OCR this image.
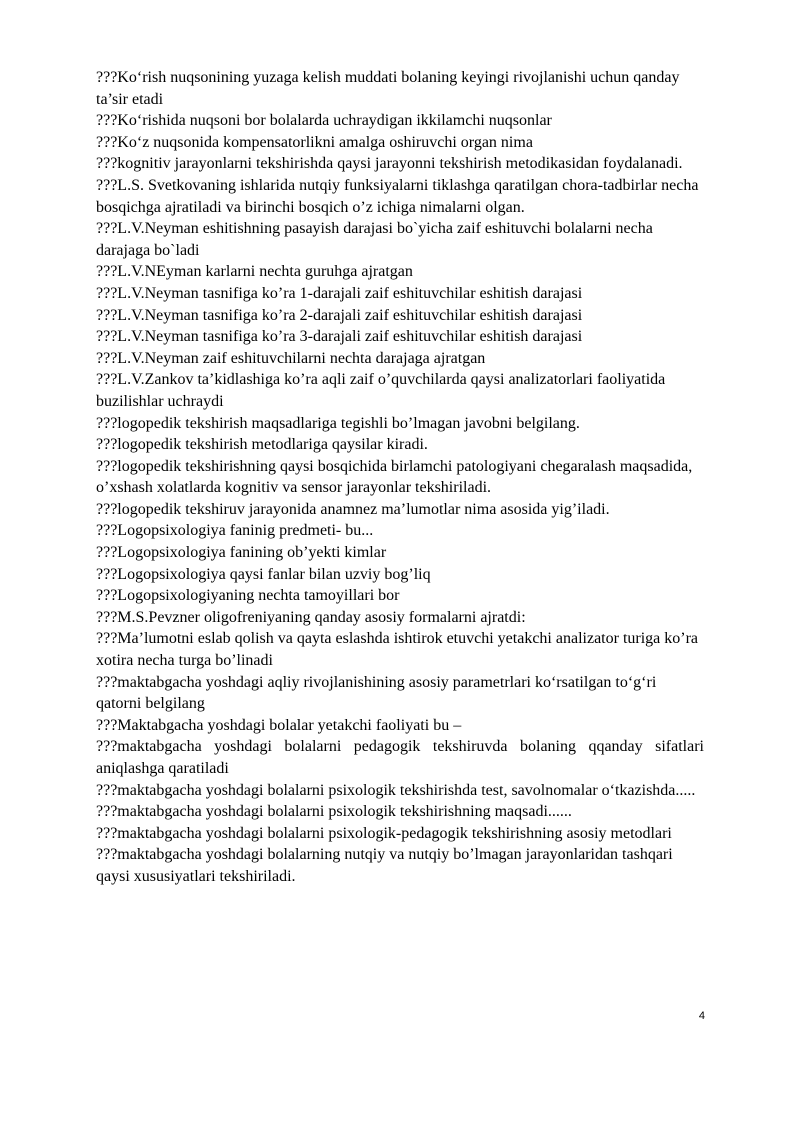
???Ko‘rish nuqsonining yuzaga kelish muddati bolaning keyingi rivojlanishi uchun qanday ta’sir etadi

???Ko‘rishida nuqsoni bor bolalarda uchraydigan ikkilamchi nuqsonlar

???Ko‘z nuqsonida kompensatorlikni amalga oshiruvchi organ nima

???kognitiv jarayonlarni tekshirishda qaysi jarayonni tekshirish metodikasidan foydalanadi.

???L.S. Svetkovaning ishlarida nutqiy funksiyalarni tiklashga qaratilgan chora-tadbirlar necha bosqichga ajratiladi va birinchi bosqich o’z ichiga nimalarni olgan.

???L.V.Neyman eshitishning pasayish darajasi bo`yicha zaif eshituvchi bolalarni necha darajaga bo`ladi

???L.V.NEyman karlarni nechta guruhga ajratgan

???L.V.Neyman tasnifiga ko’ra 1-darajali zaif eshituvchilar eshitish darajasi

???L.V.Neyman tasnifiga ko’ra 2-darajali zaif eshituvchilar eshitish darajasi

???L.V.Neyman tasnifiga ko’ra 3-darajali zaif eshituvchilar eshitish darajasi

???L.V.Neyman zaif eshituvchilarni nechta darajaga ajratgan

???L.V.Zankov ta’kidlashiga ko’ra aqli zaif o’quvchilarda qaysi analizatorlari faoliyatida buzilishlar uchraydi

???logopedik tekshirish maqsadlariga tegishli bo’lmagan javobni belgilang.

???logopedik tekshirish metodlariga qaysilar kiradi.

???logopedik tekshirishning qaysi bosqichida birlamchi patologiyani chegaralash maqsadida, o’xshash xolatlarda kognitiv va sensor jarayonlar tekshiriladi.

???logopedik tekshiruv jarayonida anamnez ma’lumotlar nima asosida yig’iladi.

???Logopsixologiya faninig predmeti- bu...

???Logopsixologiya fanining ob’yekti kimlar

???Logopsixologiya qaysi fanlar bilan uzviy bog’liq

???Logopsixologiyaning nechta tamoyillari bor

???M.S.Pevzner oligofreniyaning qanday asosiy formalarni ajratdi:

???Ma’lumotni eslab qolish va qayta eslashda ishtirok etuvchi yetakchi analizator turiga ko’ra xotira necha turga bo’linadi

???maktabgacha yoshdagi aqliy rivojlanishining asosiy parametrlari ko‘rsatilgan to‘g‘ri qatorni belgilang

???Maktabgacha yoshdagi bolalar yetakchi faoliyati bu –

???maktabgacha yoshdagi bolalarni pedagogik tekshiruvda bolaning qqanday sifatlari aniqlashga qaratiladi

???maktabgacha yoshdagi bolalarni psixologik tekshirishda test, savolnomalar o‘tkazishda.....

???maktabgacha yoshdagi bolalarni psixologik tekshirishning maqsadi......

???maktabgacha yoshdagi bolalarni psixologik-pedagogik tekshirishning asosiy metodlari

???maktabgacha yoshdagi bolalarning nutqiy va nutqiy bo’lmagan jarayonlaridan tashqari qaysi xususiyatlari tekshiriladi.

4
